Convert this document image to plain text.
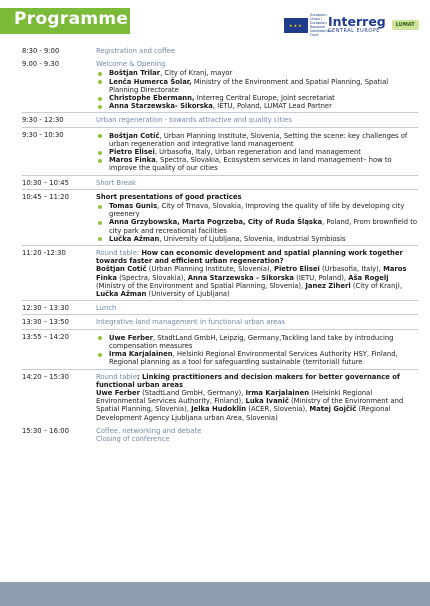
Programme:
★★★	European Union | European Regional Development Fund
Interreg
CENTRAL EUROPE
LUMAT
8:30 - 9:00	Registration and coffee
9.00 - 9.30	Welcome & Opening
Boštjan Trilar, City of Kranj, mayor
Lenča Humerca Šolar, Ministry of the Environment and Spatial Planning, Spatial Planning Directorate
Christophe Ebermann, Interreg Central Europe, Joint secretariat
Anna Starzewska- Sikorska, IETU, Poland, LUMAT Lead Partner
9:30 - 12:30	Urban regeneration - towards attractive and quality cities
9:30 - 10:30	Boštjan Cotič, Urban Planning Institute, Slovenia, Setting the scene: key challenges of urban regeneration and integrative land management
Pietro Elisei, Urbasofia, Italy, Urban regeneration and land management
Maros Finka, Spectra, Slovakia, Ecosystem services in land management– how to improve the quality of our cities
10:30 – 10:45	Short Break
10:45 – 11:20	Short presentations of good practices
Tomas Gunis, City of Trnava, Slovakia, Improving the quality of life by developing city greenery
Anna Grzybowska, Marta Pogrzeba, City of Ruda Śląska, Poland, From brownfield to city park and recreational facilities
Lučka Ažman, University of Ljubljana, Slovenia, Industrial Symbiosis
11:20 -12:30	Round table: How can economic development and spatial planning work together towards faster and efficient urban regeneration?
Boštjan Cotič (Urban Planning Institute, Slovenia), Pietro Elisei (Urbasofia, Italy), Maros Finka (Spectra, Slovakia), Anna Starzewska - Sikorska (IETU, Poland), Aša Rogelj (Ministry of the Environment and Spatial Planning, Slovenia), Janez Ziherl (City of Kranj), Lučka Ažman (University of Ljubljana)
12:30 – 13:30	Lunch
13:30 – 13:50	Integrative land management in functional urban areas
13:55 – 14:20	Uwe Ferber, StadtLand GmbH, Leipzig, Germany,Tackling land take by introducing compensation measures
Irma Karjalainen, Helsinki Regional Environmental Services Authority HSY, Finland, Regional planning as a tool for safeguarding sustainable (territorial) future
14:20 – 15:30	Round table: Linking practitioners and decision makers for better governance of functional urban areas
Uwe Ferber (StadtLand GmbH, Germany), Irma Karjalainen (Helsinki Regional Environmental Services Authority, Finland), Luka Ivanič (Ministry of the Environment and Spatial Planning, Slovenia), Jelka Hudoklin (ACER, Slovenia), Matej Gojčič (Regional Development Agency Ljubljana urban Area, Slovenia)
15:30 – 16:00	Coffee, networking and debate
Closing of conference
